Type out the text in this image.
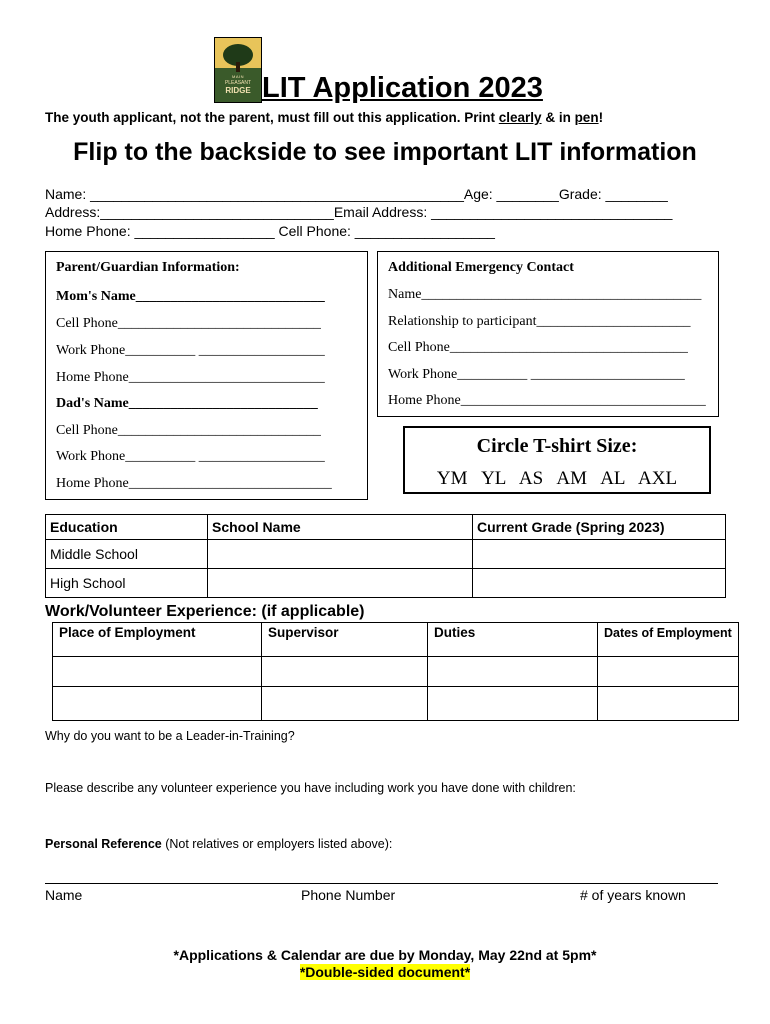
MAIN
PLEASANT
RIDGE LIT Application 2023
The youth applicant, not the parent, must fill out this application. Print clearly & in pen!
Flip to the backside to see important LIT information
Name: ________________________________________________Age: ________Grade: ________
Address:______________________________Email Address: _______________________________
Home Phone: __________________ Cell Phone: __________________
Parent/Guardian Information:
Mom's Name___________________________
Cell Phone_____________________________
Work Phone__________ __________________
Home Phone____________________________
Dad's Name___________________________
Cell Phone_____________________________
Work Phone__________ __________________
Home Phone_____________________________
Additional Emergency Contact
Name________________________________________
Relationship to participant______________________
Cell Phone__________________________________
Work Phone__________ ______________________
Home Phone___________________________________
Circle T-shirt Size:
YM   YL   AS   AM   AL   AXL
Education	School Name	Current Grade (Spring 2023)
Middle School		
High School		
Work/Volunteer Experience: (if applicable)
Place of Employment	Supervisor	Duties	Dates of Employment

Why do you want to be a Leader-in-Training?
Please describe any volunteer experience you have including work you have done with children:
Personal Reference (Not relatives or employers listed above):
Name	Phone Number	# of years known
*Applications & Calendar are due by Monday, May 22nd at 5pm*
*Double-sided document*
